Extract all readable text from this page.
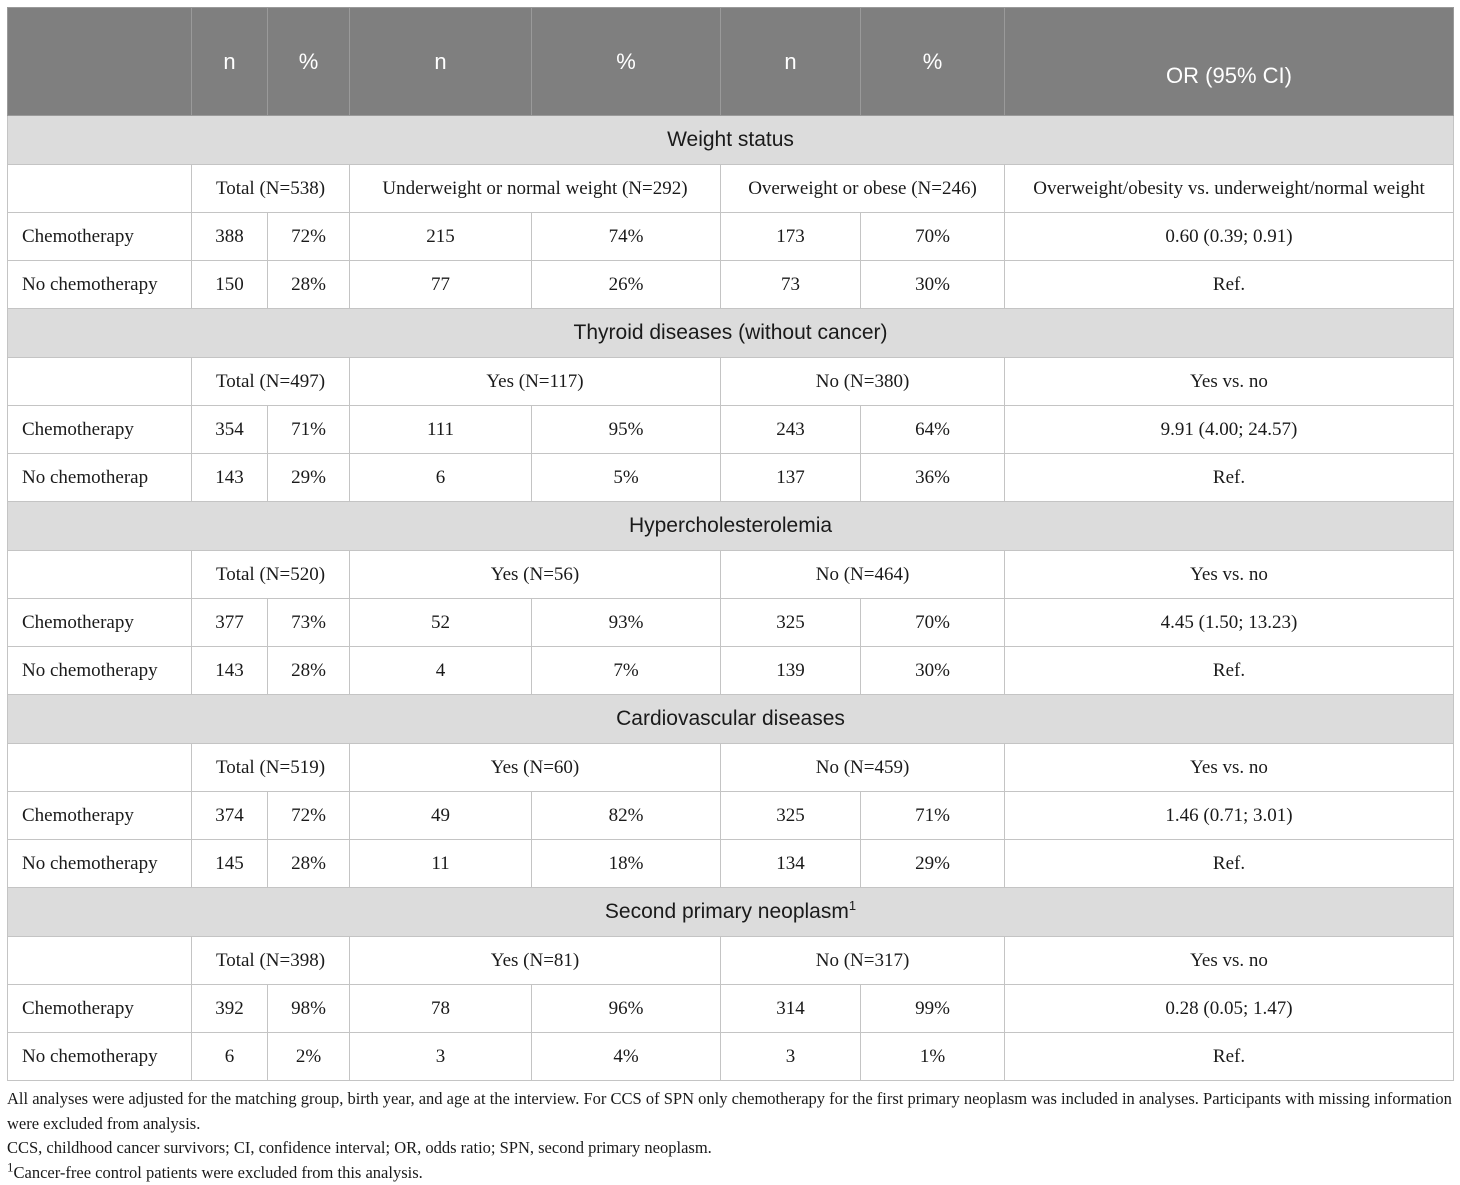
	n	%	n	%	n	%	OR (95% CI)
Weight status							
	Total (N=538)		Underweight or normal weight (N=292)		Overweight or obese (N=246)		Overweight/obesity vs. underweight/normal weight
Chemotherapy	388	72%	215	74%	173	70%	0.60 (0.39; 0.91)
No chemotherapy	150	28%	77	26%	73	30%	Ref.
Thyroid diseases (without cancer)							
	Total (N=497)		Yes (N=117)		No (N=380)		Yes vs. no
Chemotherapy	354	71%	111	95%	243	64%	9.91 (4.00; 24.57)
No chemotherap	143	29%	6	5%	137	36%	Ref.
Hypercholesterolemia							
	Total (N=520)		Yes (N=56)		No (N=464)		Yes vs. no
Chemotherapy	377	73%	52	93%	325	70%	4.45 (1.50; 13.23)
No chemotherapy	143	28%	4	7%	139	30%	Ref.
Cardiovascular diseases							
	Total (N=519)		Yes (N=60)		No (N=459)		Yes vs. no
Chemotherapy	374	72%	49	82%	325	71%	1.46 (0.71; 3.01)
No chemotherapy	145	28%	11	18%	134	29%	Ref.
Second primary neoplasm$^1$
	Total (N=398)		Yes (N=81)		No (N=317)		Yes vs. no
Chemotherapy	392	98%	78	96%	314	99%	0.28 (0.05; 1.47)
No chemotherapy	6	2%	3	4%	3	1%	Ref.

All analyses were adjusted for the matching group, birth year, and age at the interview. For CCS of SPN only chemotherapy for the first primary neoplasm was included in analyses. Participants with missing information were excluded from analysis.

CCS, childhood cancer survivors; CI, confidence interval; OR, odds ratio; SPN, second primary neoplasm.

$^1$Cancer-free control patients were excluded from this analysis.
